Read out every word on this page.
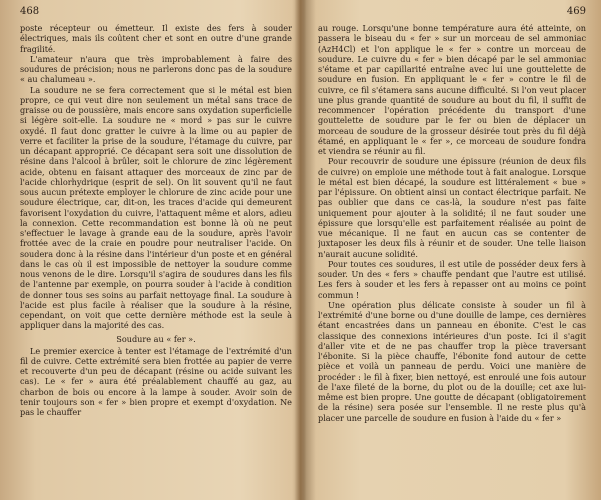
468

poste récepteur ou émetteur. Il existe des fers à souder électriques, mais ils coûtent cher et sont en outre d'une grande fragilité.

L'amateur n'aura que très improbablement à faire des soudures de précision; nous ne parlerons donc pas de la soudure « au chalumeau ».

La soudure ne se fera correctement que si le métal est bien propre, ce qui veut dire non seulement un métal sans trace de graisse ou de poussière, mais encore sans oxydation superficielle si légère soit-elle. La soudure ne « mord » pas sur le cuivre oxydé. Il faut donc gratter le cuivre à la lime ou au papier de verre et faciliter la prise de la soudure, l'étamage du cuivre, par un décapant approprié. Ce décapant sera soit une dissolution de résine dans l'alcool à brûler, soit le chlorure de zinc légèrement acide, obtenu en faisant attaquer des morceaux de zinc par de l'acide chlorhydrique (esprit de sel). On lit souvent qu'il ne faut sous aucun prétexte employer le chlorure de zinc acide pour une soudure électrique, car, dit-on, les traces d'acide qui demeurent favorisent l'oxydation du cuivre, l'attaquent même et alors, adieu la connexion. Cette recommandation est bonne là où ne peut s'effectuer le lavage à grande eau de la soudure, après l'avoir frottée avec de la craie en poudre pour neutraliser l'acide. On soudera donc à la résine dans l'intérieur d'un poste et en général dans le cas où il est impossible de nettoyer la soudure comme nous venons de le dire. Lorsqu'il s'agira de soudures dans les fils de l'antenne par exemple, on pourra souder à l'acide à condition de donner tous ses soins au parfait nettoyage final. La soudure à l'acide est plus facile à réaliser que la soudure à la résine, cependant, on voit que cette dernière méthode est la seule à appliquer dans la majorité des cas.

Soudure au « fer ».

Le premier exercice à tenter est l'étamage de l'extrémité d'un fil de cuivre. Cette extrémité sera bien frottée au papier de verre et recouverte d'un peu de décapant (résine ou acide suivant les cas). Le « fer » aura été préalablement chauffé au gaz, au charbon de bois ou encore à la lampe à souder. Avoir soin de tenir toujours son « fer » bien propre et exempt d'oxydation. Ne pas le chauffer

469

au rouge. Lorsqu'une bonne température aura été atteinte, on passera le biseau du « fer » sur un morceau de sel ammoniac (AzH4Cl) et l'on applique le « fer » contre un morceau de soudure. Le cuivre du « fer » bien décapé par le sel ammoniac s'étame et par capillarité entraîne avec lui une gouttelette de soudure en fusion. En appliquant le « fer » contre le fil de cuivre, ce fil s'étamera sans aucune difficulté. Si l'on veut placer une plus grande quantité de soudure au bout du fil, il suffit de recommencer l'opération précédente du transport d'une gouttelette de soudure par le fer ou bien de déplacer un morceau de soudure de la grosseur désirée tout près du fil déjà étamé, en appliquant le « fer », ce morceau de soudure fondra et viendra se réunir au fil.

Pour recouvrir de soudure une épissure (réunion de deux fils de cuivre) on emploie une méthode tout à fait analogue. Lorsque le métal est bien décapé, la soudure est littéralement « bue » par l'épissure. On obtient ainsi un contact électrique parfait. Ne pas oublier que dans ce cas-là, la soudure n'est pas faite uniquement pour ajouter à la solidité; il ne faut souder une épissure que lorsqu'elle est parfaitement réalisée au point de vue mécanique. Il ne faut en aucun cas se contenter de juxtaposer les deux fils à réunir et de souder. Une telle liaison n'aurait aucune solidité.

Pour toutes ces soudures, il est utile de posséder deux fers à souder. Un des « fers » chauffe pendant que l'autre est utilisé. Les fers à souder et les fers à repasser ont au moins ce point commun !

Une opération plus délicate consiste à souder un fil à l'extrémité d'une borne ou d'une douille de lampe, ces dernières étant encastrées dans un panneau en ébonite. C'est le cas classique des connexions intérieures d'un poste. Ici il s'agit d'aller vite et de ne pas chauffer trop la pièce traversant l'ébonite. Si la pièce chauffe, l'ébonite fond autour de cette pièce et voilà un panneau de perdu. Voici une manière de procéder : le fil à fixer, bien nettoyé, est enroulé une fois autour de l'axe fileté de la borne, du plot ou de la douille; cet axe lui-même est bien propre. Une goutte de décapant (obligatoirement de la résine) sera posée sur l'ensemble. Il ne reste plus qu'à placer une parcelle de soudure en fusion à l'aide du « fer »
